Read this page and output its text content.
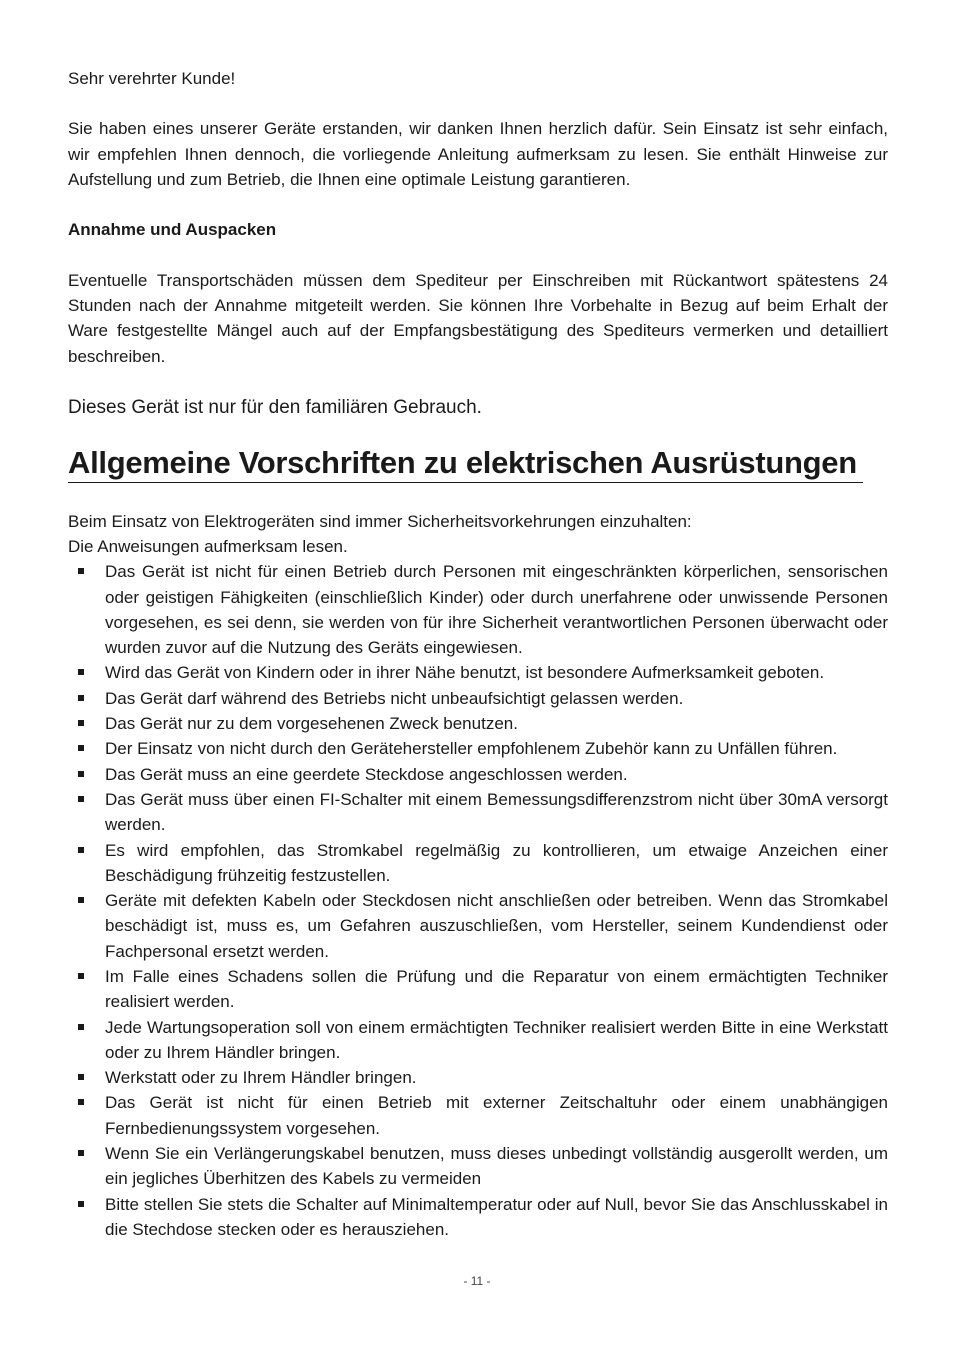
Sehr verehrter Kunde!

Sie haben eines unserer Geräte erstanden, wir danken Ihnen herzlich dafür. Sein Einsatz ist sehr einfach, wir empfehlen Ihnen dennoch, die vorliegende Anleitung aufmerksam zu lesen. Sie enthält Hinweise zur Aufstellung und zum Betrieb, die Ihnen eine optimale Leistung garantieren.

Annahme und Auspacken

Eventuelle Transportschäden müssen dem Spediteur per Einschreiben mit Rückantwort spätestens 24 Stunden nach der Annahme mitgeteilt werden. Sie können Ihre Vorbehalte in Bezug auf beim Erhalt der Ware festgestellte Mängel auch auf der Empfangsbestätigung des Spediteurs vermerken und detailliert beschreiben.

Dieses Gerät ist nur für den familiären Gebrauch.

Allgemeine Vorschriften zu elektrischen Ausrüstungen

Beim Einsatz von Elektrogeräten sind immer Sicherheitsvorkehrungen einzuhalten:

Die Anweisungen aufmerksam lesen.

Das Gerät ist nicht für einen Betrieb durch Personen mit eingeschränkten körperlichen, sensorischen oder geistigen Fähigkeiten (einschließlich Kinder) oder durch unerfahrene oder unwissende Personen vorgesehen, es sei denn, sie werden von für ihre Sicherheit verantwortlichen Personen überwacht oder wurden zuvor auf die Nutzung des Geräts eingewiesen.
Wird das Gerät von Kindern oder in ihrer Nähe benutzt, ist besondere Aufmerksamkeit geboten.
Das Gerät darf während des Betriebs nicht unbeaufsichtigt gelassen werden.
Das Gerät nur zu dem vorgesehenen Zweck benutzen.
Der Einsatz von nicht durch den Gerätehersteller empfohlenem Zubehör kann zu Unfällen führen.
Das Gerät muss an eine geerdete Steckdose angeschlossen werden.
Das Gerät muss über einen FI-Schalter mit einem Bemessungsdifferenzstrom nicht über 30mA versorgt werden.
Es wird empfohlen, das Stromkabel regelmäßig zu kontrollieren, um etwaige Anzeichen einer Beschädigung frühzeitig festzustellen.
Geräte mit defekten Kabeln oder Steckdosen nicht anschließen oder betreiben. Wenn das Stromkabel beschädigt ist, muss es, um Gefahren auszuschließen, vom Hersteller, seinem Kundendienst oder Fachpersonal ersetzt werden.
Im Falle eines Schadens sollen die Prüfung und die Reparatur von einem ermächtigten Techniker realisiert werden.
Jede Wartungsoperation soll von einem ermächtigten Techniker realisiert werden Bitte in eine Werkstatt oder zu Ihrem Händler bringen.
Werkstatt oder zu Ihrem Händler bringen.
Das Gerät ist nicht für einen Betrieb mit externer Zeitschaltuhr oder einem unabhängigen Fernbedienungssystem vorgesehen.
Wenn Sie ein Verlängerungskabel benutzen, muss dieses unbedingt vollständig ausgerollt werden, um ein jegliches Überhitzen des Kabels zu vermeiden
Bitte stellen Sie stets die Schalter auf Minimaltemperatur oder auf Null, bevor Sie das Anschlusskabel in die Stechdose stecken oder es herausziehen.
- 11 -
